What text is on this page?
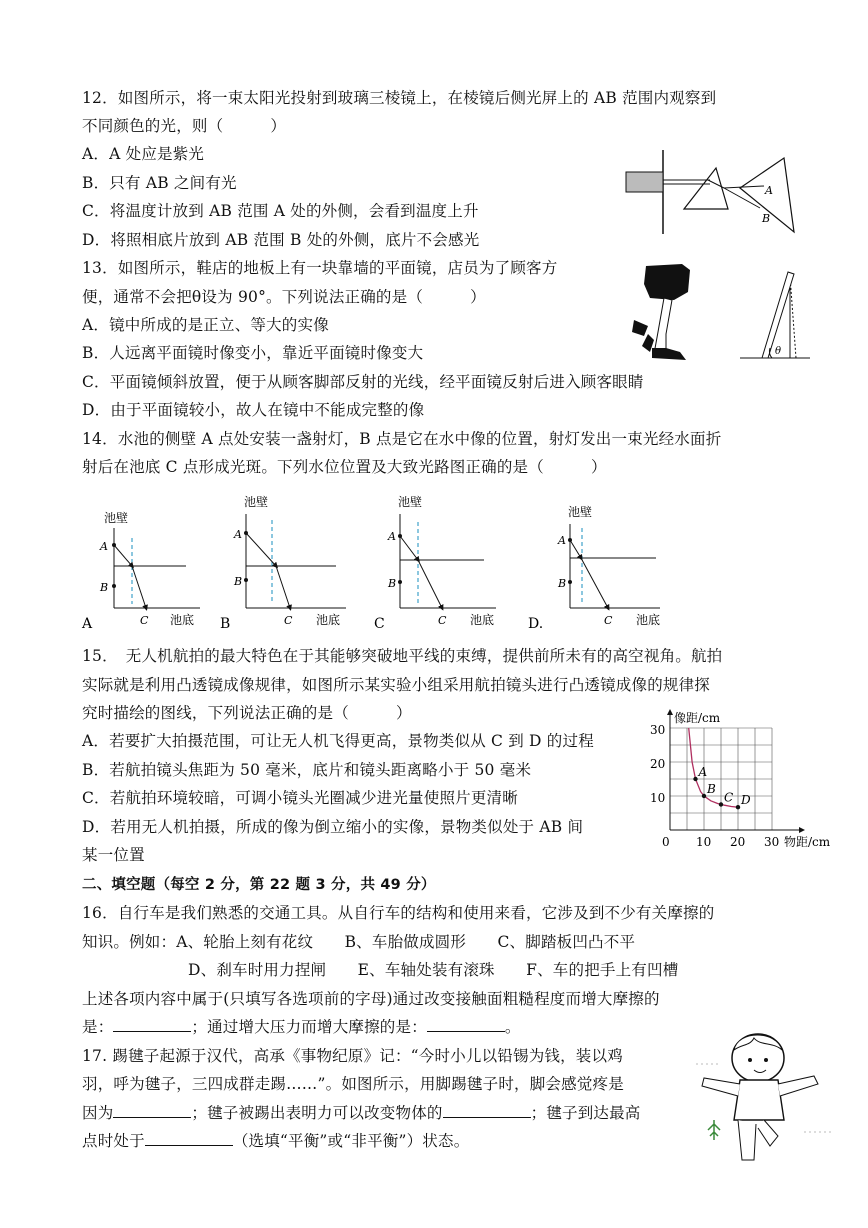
12．如图所示，将一束太阳光投射到玻璃三棱镜上，在棱镜后侧光屏上的 AB 范围内观察到
不同颜色的光，则（　　　）
A．A 处应是紫光
B．只有 AB 之间有光
C．将温度计放到 AB 范围 A 处的外侧，会看到温度上升
D．将照相底片放到 AB 范围 B 处的外侧，底片不会感光
A
B
13．如图所示，鞋店的地板上有一块靠墙的平面镜，店员为了顾客方
便，通常不会把θ设为 90°。下列说法正确的是（　　　）
A．镜中所成的是正立、等大的实像
B．人远离平面镜时像变小，靠近平面镜时像变大
C．平面镜倾斜放置，便于从顾客脚部反射的光线，经平面镜反射后进入顾客眼睛
D．由于平面镜较小，故人在镜中不能成完整的像
θ
14．水池的侧壁 A 点处安装一盏射灯，B 点是它在水中像的位置，射灯发出一束光经水面折
射后在池底 C 点形成光斑。下列水位位置及大致光路图正确的是（　　　）
池壁
A
B
C 池底
A
池壁
A
B
C 池底
B
池壁
A
B
C 池底
C
池壁
A
B
C 池底
D.
15．　无人机航拍的最大特色在于其能够突破地平线的束缚，提供前所未有的高空视角。航拍
实际就是利用凸透镜成像规律，如图所示某实验小组采用航拍镜头进行凸透镜成像的规律探
究时描绘的图线，下列说法正确的是（　　　）
A．若要扩大拍摄范围，可让无人机飞得更高，景物类似从 C 到 D 的过程
B．若航拍镜头焦距为 50 毫米，底片和镜头距离略小于 50 毫米
C．若航拍环境较暗，可调小镜头光圈减少进光量使照片更清晰
D．若用无人机拍摄，所成的像为倒立缩小的实像，景物类似处于 AB 间
某一位置
像距/cm
物距/cm
0 10 20 30
10
20
30
A
B
C D
二、填空题（每空 2 分，第 22 题 3 分，共 49 分）
16．自行车是我们熟悉的交通工具。从自行车的结构和使用来看，它涉及到不少有关摩擦的
知识。例如：A、轮胎上刻有花纹　　B、车胎做成圆形　　C、脚踏板凹凸不平
D、刹车时用力捏闸　　E、车轴处装有滚珠　　F、车的把手上有凹槽
上述各项内容中属于(只填写各选项前的字母)通过改变接触面粗糙程度而增大摩擦的
是：	；通过增大压力而增大摩擦的是：	。
17. 踢毽子起源于汉代，高承《事物纪原》记：“今时小儿以铅锡为钱，装以鸡
羽，呼为毽子，三四成群走踢……”。如图所示，用脚踢毽子时，脚会感觉疼是
因为	；毽子被踢出表明力可以改变物体的	；毽子到达最高
点时处于	（选填“平衡”或“非平衡”）状态。
